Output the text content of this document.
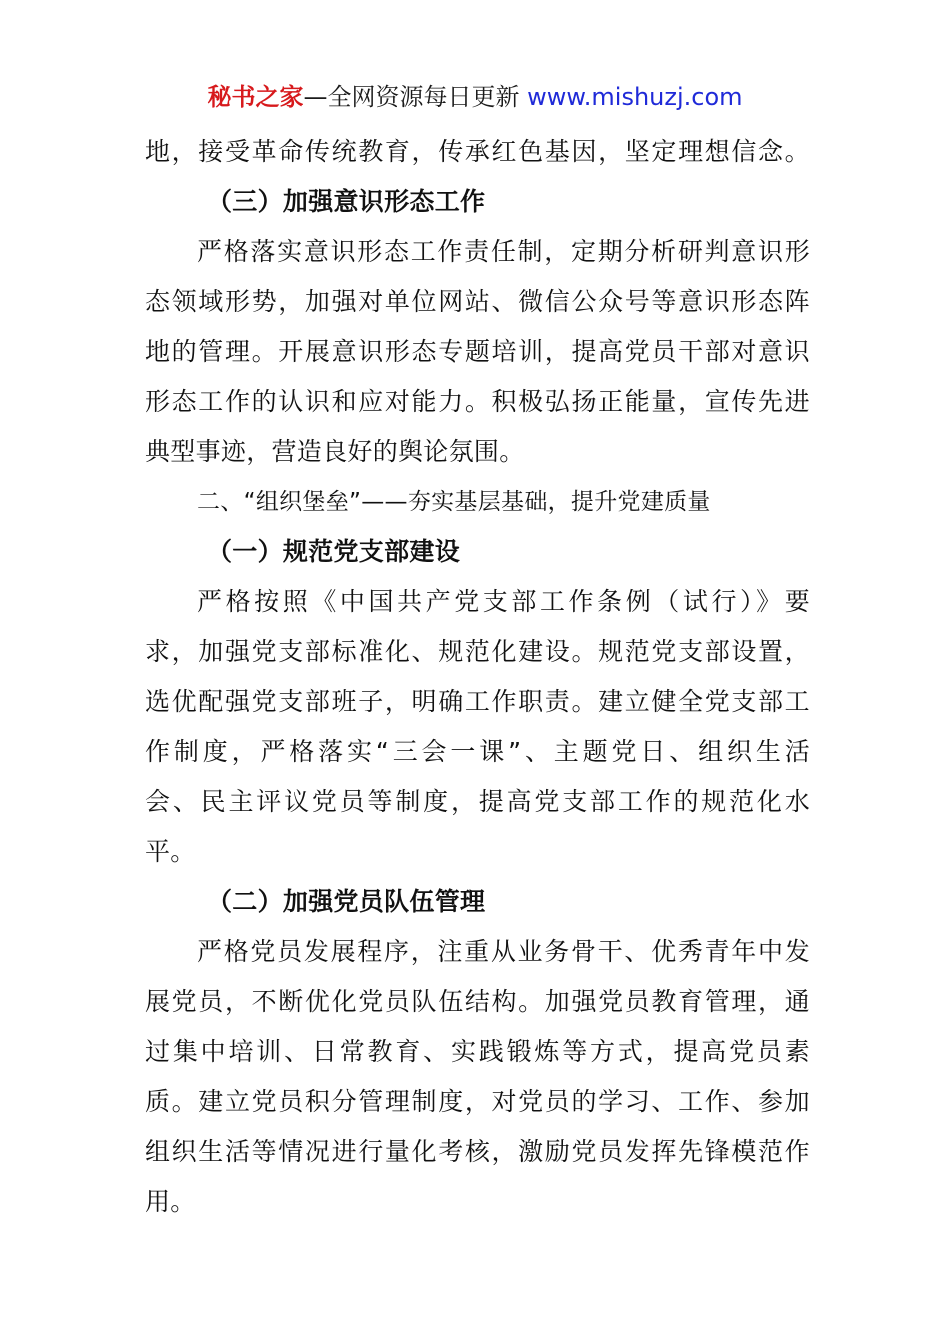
秘书之家—全网资源每日更新 www.mishuzj.com
地，接受革命传统教育，传承红色基因，坚定理想信念。
（三）加强意识形态工作
严格落实意识形态工作责任制，定期分析研判意识形
态领域形势，加强对单位网站、微信公众号等意识形态阵
地的管理。开展意识形态专题培训，提高党员干部对意识
形态工作的认识和应对能力。积极弘扬正能量，宣传先进
典型事迹，营造良好的舆论氛围。
二、“组织堡垒”——夯实基层基础，提升党建质量
（一）规范党支部建设
严格按照《中国共产党支部工作条例（试行）》要
求，加强党支部标准化、规范化建设。规范党支部设置，
选优配强党支部班子，明确工作职责。建立健全党支部工
作制度，严格落实“三会一课”、主题党日、组织生活
会、民主评议党员等制度，提高党支部工作的规范化水
平。
（二）加强党员队伍管理
严格党员发展程序，注重从业务骨干、优秀青年中发
展党员，不断优化党员队伍结构。加强党员教育管理，通
过集中培训、日常教育、实践锻炼等方式，提高党员素
质。建立党员积分管理制度，对党员的学习、工作、参加
组织生活等情况进行量化考核，激励党员发挥先锋模范作
用。
